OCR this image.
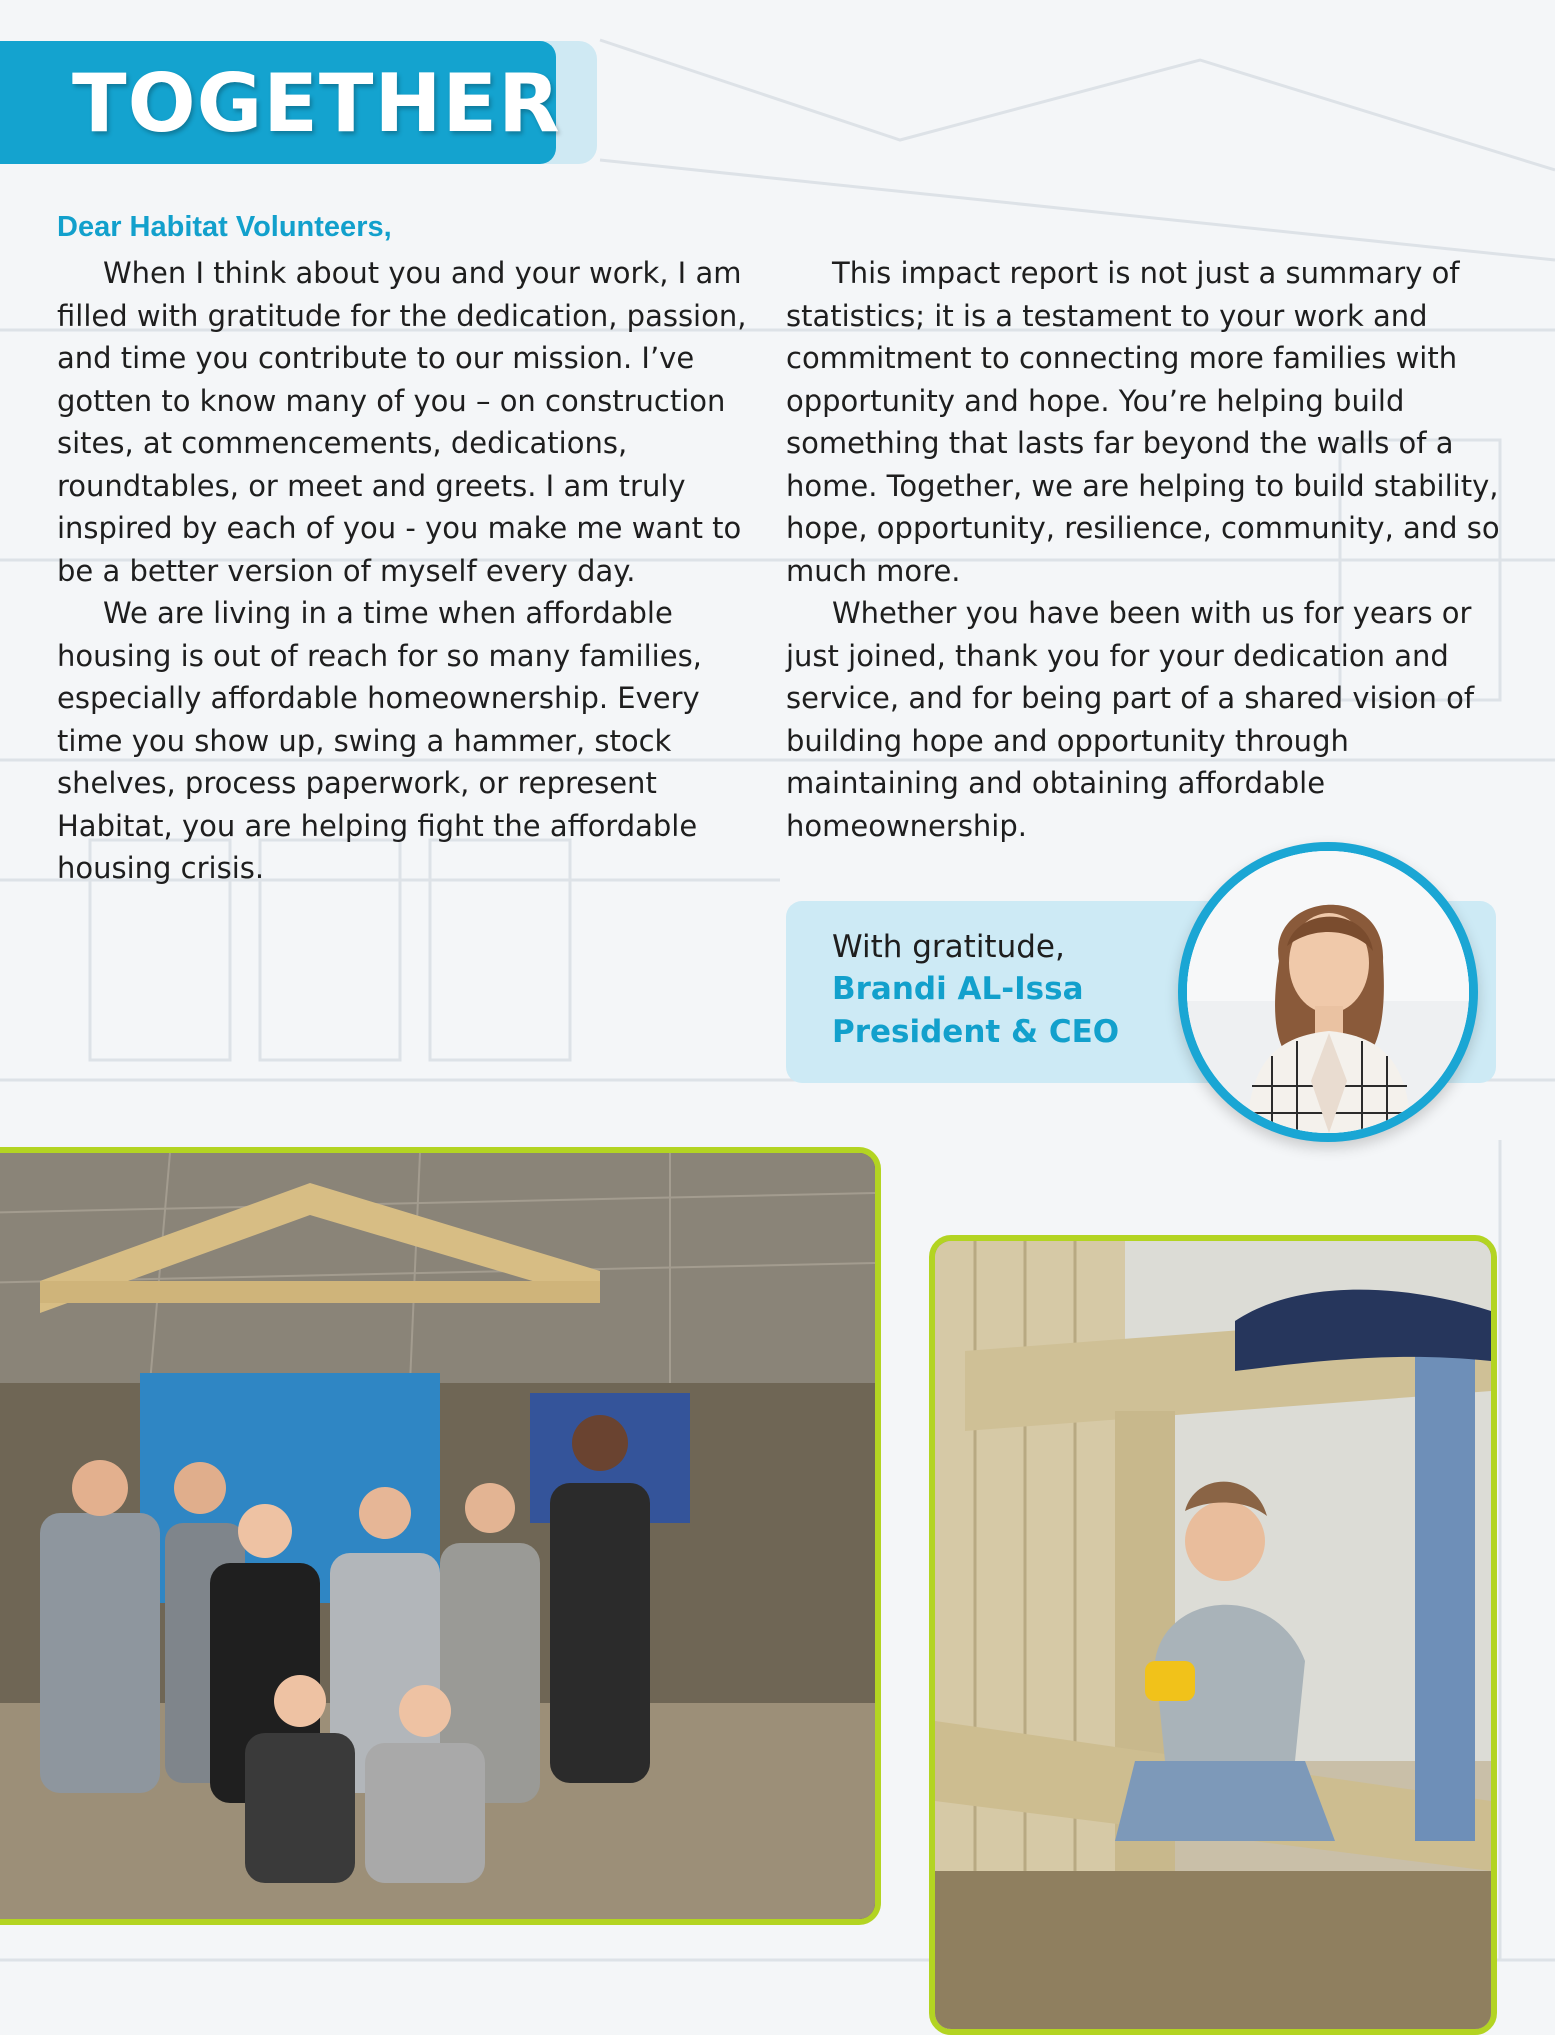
TOGETHER
Dear Habitat Volunteers,

When I think about you and your work, I am filled with gratitude for the dedication, passion, and time you contribute to our mission. I’ve gotten to know many of you – on construction sites, at commencements, dedications, roundtables, or meet and greets. I am truly inspired by each of you - you make me want to be a better version of myself every day.

We are living in a time when affordable housing is out of reach for so many families, especially affordable homeownership. Every time you show up, swing a hammer, stock shelves, process paperwork, or represent Habitat, you are helping fight the affordable housing crisis.

This impact report is not just a summary of statistics; it is a testament to your work and commitment to connecting more families with opportunity and hope. You’re helping build something that lasts far beyond the walls of a home. Together, we are helping to build stability, hope, opportunity, resilience, community, and so much more.

Whether you have been with us for years or just joined, thank you for your dedication and service, and for being part of a shared vision of building hope and opportunity through maintaining and obtaining affordable homeownership.

With gratitude,
Brandi AL-Issa
President & CEO
